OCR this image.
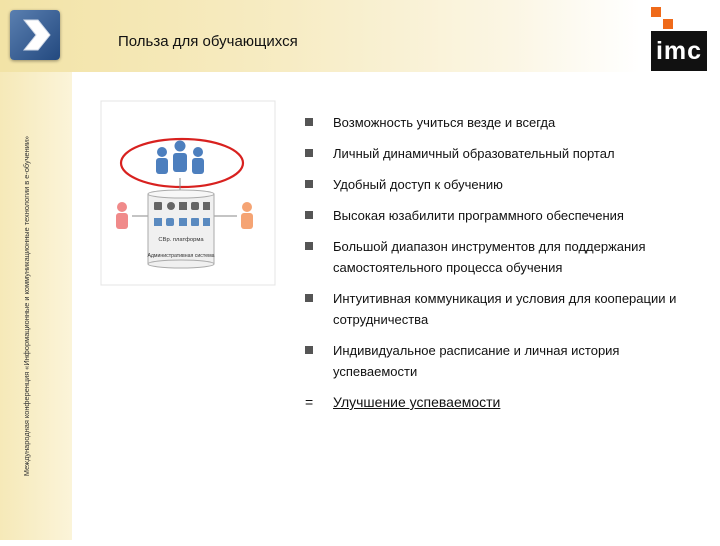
Польза для обучающихся	imc
Международная конференция «Информационные и коммуникационные технологии в e-обучении»	CBp. платформа
Административная система
Возможность учиться везде и всегда
Личный динамичный образовательный портал
Удобный доступ к обучению
Высокая юзабилити программного обеспечения
Большой диапазон инструментов для поддержания самостоятельного процесса обучения
Интуитивная коммуникация и условия для кооперации и сотрудничества
Индивидуальное расписание и личная история успеваемости
= Улучшение успеваемости
